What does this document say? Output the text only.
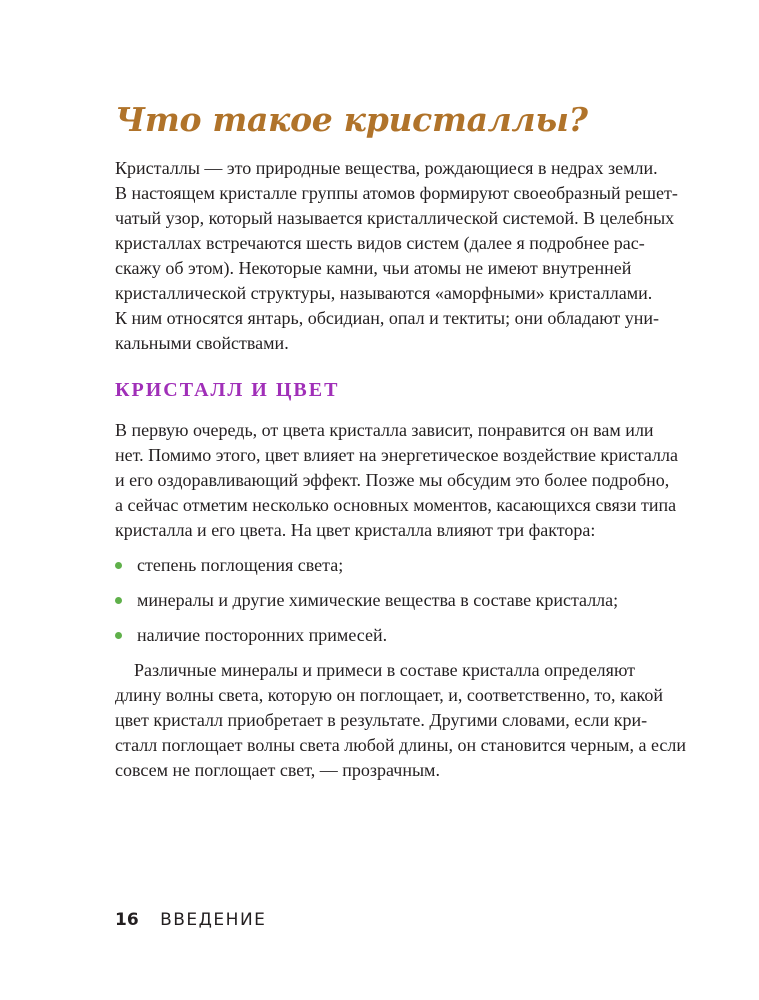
Что такое кристаллы?

Кристаллы — это природные вещества, рождающиеся в недрах земли.
В настоящем кристалле группы атомов формируют своеобразный решет-
чатый узор, который называется кристаллической системой. В целебных
кристаллах встречаются шесть видов систем (далее я подробнее рас-
скажу об этом). Некоторые камни, чьи атомы не имеют внутренней
кристаллической структуры, называются «аморфными» кристаллами.
К ним относятся янтарь, обсидиан, опал и тектиты; они обладают уни-
кальными свойствами.

КРИСТАЛЛ И ЦВЕТ

В первую очередь, от цвета кристалла зависит, понравится он вам или
нет. Помимо этого, цвет влияет на энергетическое воздействие кристалла
и его оздоравливающий эффект. Позже мы обсудим это более подробно,
а сейчас отметим несколько основных моментов, касающихся связи типа
кристалла и его цвета. На цвет кристалла влияют три фактора:

степень поглощения света;
минералы и другие химические вещества в составе кристалла;
наличие посторонних примесей.

Различные минералы и примеси в составе кристалла определяют
длину волны света, которую он поглощает, и, соответственно, то, какой
цвет кристалл приобретает в результате. Другими словами, если кри-
сталл поглощает волны света любой длины, он становится черным, а если
совсем не поглощает свет, — прозрачным.

16 ВВЕДЕНИЕ
